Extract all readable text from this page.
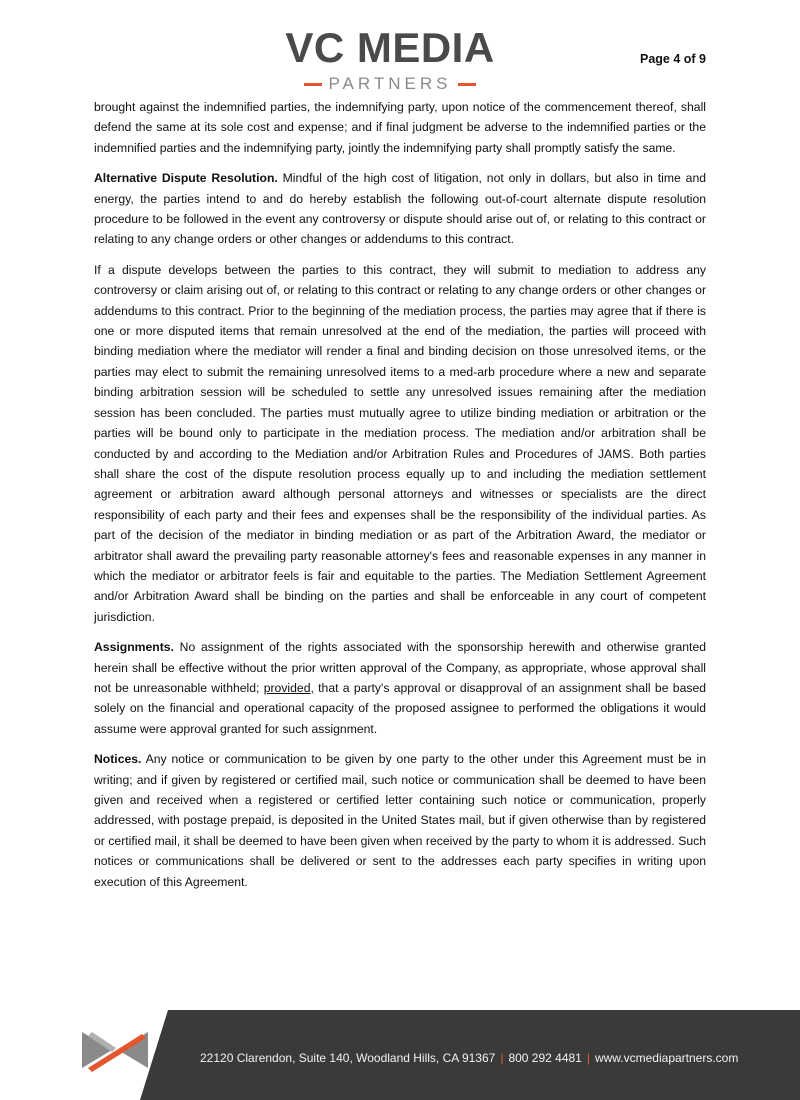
VC MEDIA
PARTNERS
Page 4 of 9

brought against the indemnified parties, the indemnifying party, upon notice of the commencement thereof, shall defend the same at its sole cost and expense; and if final judgment be adverse to the indemnified parties or the indemnified parties and the indemnifying party, jointly the indemnifying party shall promptly satisfy the same.

Alternative Dispute Resolution. Mindful of the high cost of litigation, not only in dollars, but also in time and energy, the parties intend to and do hereby establish the following out-of-court alternate dispute resolution procedure to be followed in the event any controversy or dispute should arise out of, or relating to this contract or relating to any change orders or other changes or addendums to this contract.

If a dispute develops between the parties to this contract, they will submit to mediation to address any controversy or claim arising out of, or relating to this contract or relating to any change orders or other changes or addendums to this contract. Prior to the beginning of the mediation process, the parties may agree that if there is one or more disputed items that remain unresolved at the end of the mediation, the parties will proceed with binding mediation where the mediator will render a final and binding decision on those unresolved items, or the parties may elect to submit the remaining unresolved items to a med-arb procedure where a new and separate binding arbitration session will be scheduled to settle any unresolved issues remaining after the mediation session has been concluded. The parties must mutually agree to utilize binding mediation or arbitration or the parties will be bound only to participate in the mediation process. The mediation and/or arbitration shall be conducted by and according to the Mediation and/or Arbitration Rules and Procedures of JAMS. Both parties shall share the cost of the dispute resolution process equally up to and including the mediation settlement agreement or arbitration award although personal attorneys and witnesses or specialists are the direct responsibility of each party and their fees and expenses shall be the responsibility of the individual parties. As part of the decision of the mediator in binding mediation or as part of the Arbitration Award, the mediator or arbitrator shall award the prevailing party reasonable attorney's fees and reasonable expenses in any manner in which the mediator or arbitrator feels is fair and equitable to the parties. The Mediation Settlement Agreement and/or Arbitration Award shall be binding on the parties and shall be enforceable in any court of competent jurisdiction.

Assignments. No assignment of the rights associated with the sponsorship herewith and otherwise granted herein shall be effective without the prior written approval of the Company, as appropriate, whose approval shall not be unreasonable withheld; provided, that a party's approval or disapproval of an assignment shall be based solely on the financial and operational capacity of the proposed assignee to performed the obligations it would assume were approval granted for such assignment.

Notices. Any notice or communication to be given by one party to the other under this Agreement must be in writing; and if given by registered or certified mail, such notice or communication shall be deemed to have been given and received when a registered or certified letter containing such notice or communication, properly addressed, with postage prepaid, is deposited in the United States mail, but if given otherwise than by registered or certified mail, it shall be deemed to have been given when received by the party to whom it is addressed. Such notices or communications shall be delivered or sent to the addresses each party specifies in writing upon execution of this Agreement.

22120 Clarendon, Suite 140, Woodland Hills, CA 91367 | 800 292 4481 | www.vcmediapartners.com
